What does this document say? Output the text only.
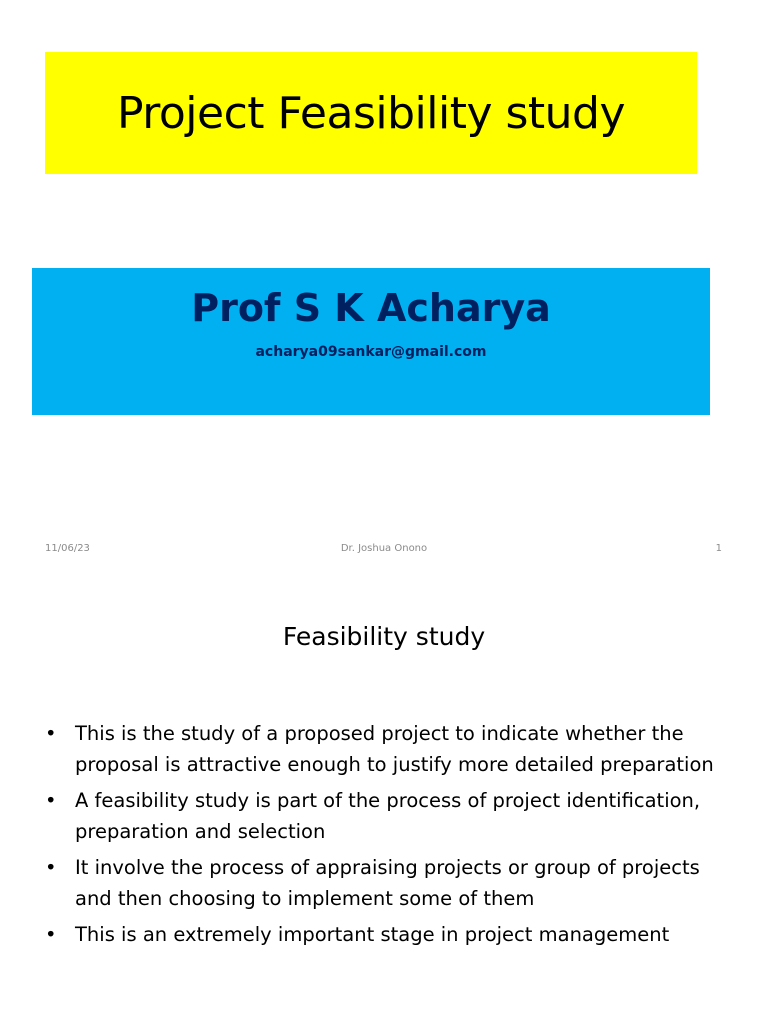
Project Feasibility study
Prof S K Acharya
acharya09sankar@gmail.com
11/06/23	Dr. Joshua Onono	1
Feasibility study
• This is the study of a proposed project to indicate whether the proposal is attractive enough to justify more detailed preparation
• A feasibility study is part of the process of project identification, preparation and selection
• It involve the process of appraising projects or group of projects and then choosing to implement some of them
• This is an extremely important stage in project management
